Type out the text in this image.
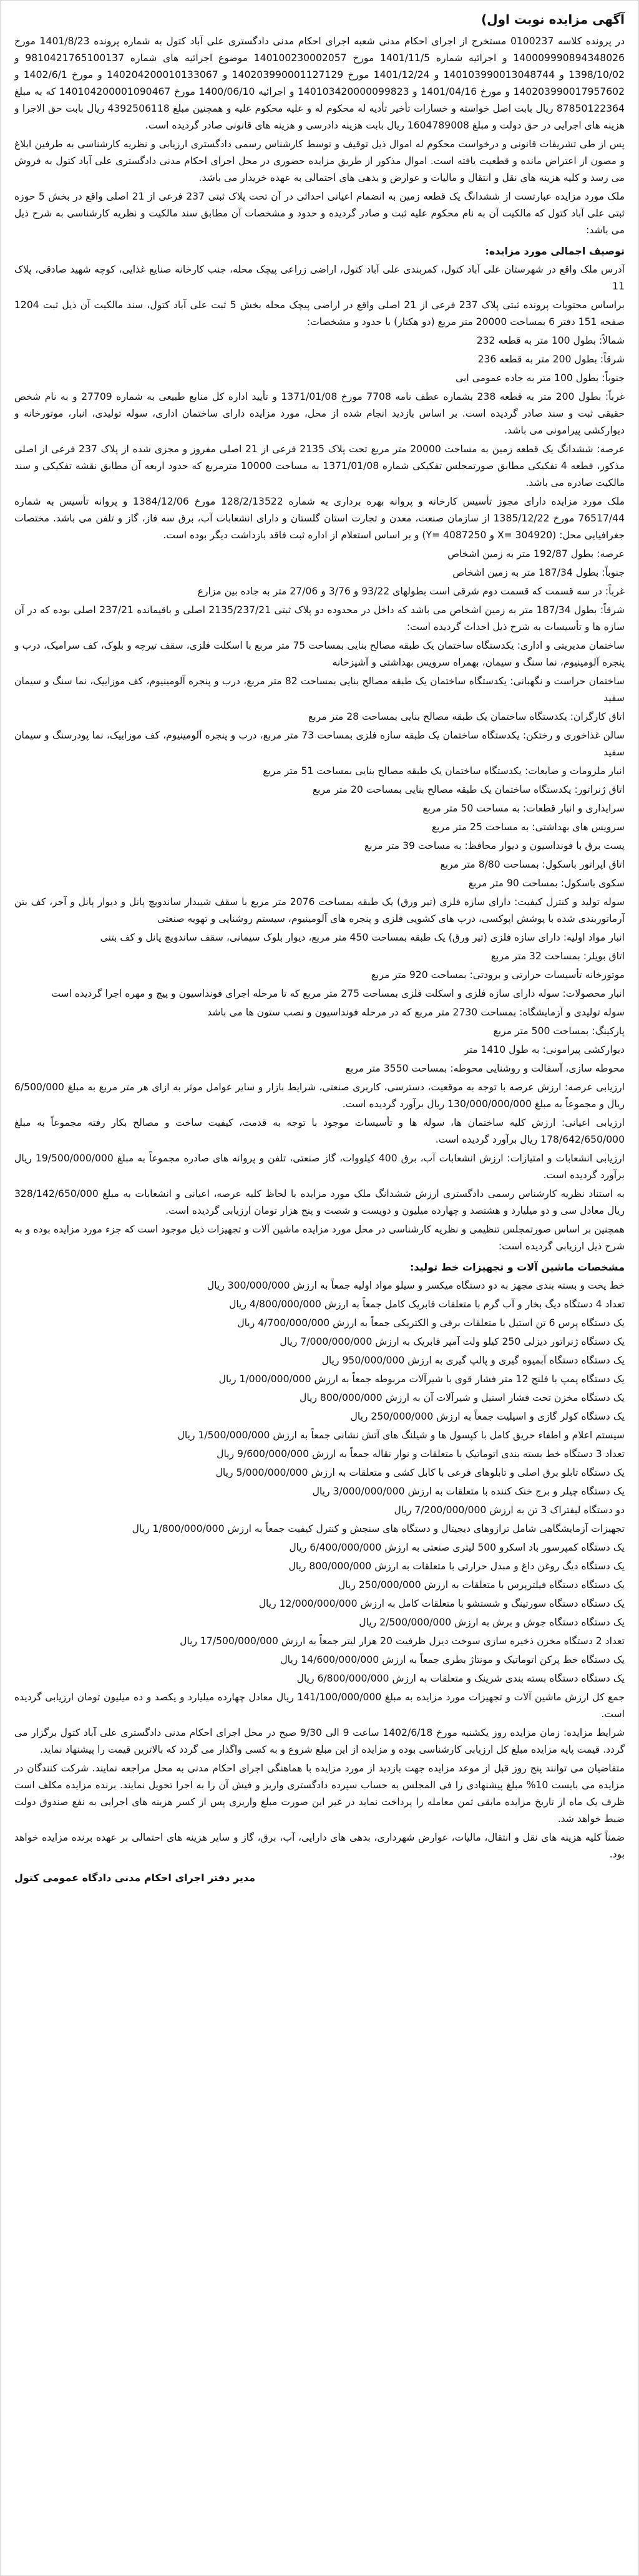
آگهی مزایده نوبت اول)
در پرونده کلاسه 0100237 مستخرج از اجرای احکام مدنی شعبه اجرای احکام مدنی دادگستری علی آباد کتول به شماره پرونده 1401/8/23 مورخ 140009990894348026 و اجرائیه شماره 1401/11/5 مورخ 140100230002057 موضوع اجرائیه های شماره 9810421765100137 و 1398/10/02 و 140103990013048744 و 1401/12/24 مورخ 140203990001127129 و 140204200010133067 و مورخ 1402/6/1 و 140203990017957602 و مورخ 1401/04/16 و 140103420000099823 و اجرائیه 1400/06/10 مورخ 140104200001090467 که به مبلغ 87850122364 ریال بابت اصل خواسته و خسارات تأخیر تأدیه له محکوم له و علیه محکوم علیه و همچنین مبلغ 4392506118 ریال بابت حق الاجرا و هزینه های اجرایی در حق دولت و مبلغ 1604789008 ریال بابت هزینه دادرسی و هزینه های قانونی صادر گردیده است.
پس از طی تشریفات قانونی و درخواست محکوم له اموال ذیل توقیف و توسط کارشناس رسمی دادگستری ارزیابی و نظریه کارشناسی به طرفین ابلاغ و مصون از اعتراض مانده و قطعیت یافته است. اموال مذکور از طریق مزایده حضوری در محل اجرای احکام مدنی دادگستری علی آباد کتول به فروش می رسد و کلیه هزینه های نقل و انتقال و مالیات و عوارض و بدهی های احتمالی به عهده خریدار می باشد.
ملک مورد مزایده عبارتست از ششدانگ یک قطعه زمین به انضمام اعیانی احداثی در آن تحت پلاک ثبتی 237 فرعی از 21 اصلی واقع در بخش 5 حوزه ثبتی علی آباد کتول که مالکیت آن به نام محکوم علیه ثبت و صادر گردیده و حدود و مشخصات آن مطابق سند مالکیت و نظریه کارشناسی به شرح ذیل می باشد:
توصیف اجمالی مورد مزایده:
آدرس ملک واقع در شهرستان علی آباد کتول، کمربندی علی آباد کتول، اراضی زراعی پیچک محله، جنب کارخانه صنایع غذایی، کوچه شهید صادقی، پلاک 11
براساس محتویات پرونده ثبتی پلاک 237 فرعی از 21 اصلی واقع در اراضی پیچک محله بخش 5 ثبت علی آباد کتول، سند مالکیت آن ذیل ثبت 1204 صفحه 151 دفتر 6 بمساحت 20000 متر مربع (دو هکتار) با حدود و مشخصات:
شمالاً: بطول 100 متر به قطعه 232
شرقاً: بطول 200 متر به قطعه 236
جنوباً: بطول 100 متر به جاده عمومی ابی
غرباً: بطول 200 متر به قطعه 238 بشماره عطف نامه 7708 مورخ 1371/01/08 و تأیید اداره کل منابع طبیعی به شماره 27709 و به نام شخص حقیقی ثبت و سند صادر گردیده است. بر اساس بازدید انجام شده از محل، مورد مزایده دارای ساختمان اداری، سوله تولیدی، انبار، موتورخانه و دیوارکشی پیرامونی می باشد.
عرصه: ششدانگ یک قطعه زمین به مساحت 20000 متر مربع تحت پلاک 2135 فرعی از 21 اصلی مفروز و مجزی شده از پلاک 237 فرعی از اصلی مذکور، قطعه 4 تفکیکی مطابق صورتمجلس تفکیکی شماره 1371/01/08 به مساحت 10000 مترمربع که حدود اربعه آن مطابق نقشه تفکیکی و سند مالکیت صادره می باشد.
ملک مورد مزایده دارای مجوز تأسیس کارخانه و پروانه بهره برداری به شماره 128/2/13522 مورخ 1384/12/06 و پروانه تأسیس به شماره 76517/44 مورخ 1385/12/22 از سازمان صنعت، معدن و تجارت استان گلستان و دارای انشعابات آب، برق سه فاز، گاز و تلفن می باشد. مختصات جغرافیایی محل: (X= 304920 و Y= 4087250) و بر اساس استعلام از اداره ثبت فاقد بازداشت دیگر بوده است.
عرصه: بطول 192/87 متر به زمین اشخاص
جنوباً: بطول 187/34 متر به زمین اشخاص
غرباً: در سه قسمت که قسمت دوم شرقی است بطولهای 93/22 و 3/76 و 27/06 متر به جاده بین مزارع
شرقاً: بطول 187/34 متر به زمین اشخاص می باشد که داخل در محدوده دو پلاک ثبتی 2135/237/21 اصلی و باقیمانده 237/21 اصلی بوده که در آن سازه ها و تأسیسات به شرح ذیل احداث گردیده است:
ساختمان مدیریتی و اداری: یکدستگاه ساختمان یک طبقه مصالح بنایی بمساحت 75 متر مربع با اسکلت فلزی، سقف تیرچه و بلوک، کف سرامیک، درب و پنجره آلومینیوم، نما سنگ و سیمان، بهمراه سرویس بهداشتی و آشپزخانه
ساختمان حراست و نگهبانی: یکدستگاه ساختمان یک طبقه مصالح بنایی بمساحت 82 متر مربع، درب و پنجره آلومینیوم، کف موزاییک، نما سنگ و سیمان سفید
اتاق کارگران: یکدستگاه ساختمان یک طبقه مصالح بنایی بمساحت 28 متر مربع
سالن غذاخوری و رختکن: یکدستگاه ساختمان یک طبقه سازه فلزی بمساحت 73 متر مربع، درب و پنجره آلومینیوم، کف موزاییک، نما پودرسنگ و سیمان سفید
انبار ملزومات و ضایعات: یکدستگاه ساختمان یک طبقه مصالح بنایی بمساحت 51 متر مربع
اتاق ژنراتور: یکدستگاه ساختمان یک طبقه مصالح بنایی بمساحت 20 متر مربع
سرایداری و انبار قطعات: به مساحت 50 متر مربع
سرویس های بهداشتی: به مساحت 25 متر مربع
پست برق با فونداسیون و دیوار محافظ: به مساحت 39 متر مربع
اتاق اپراتور باسکول: بمساحت 8/80 متر مربع
سکوی باسکول: بمساحت 90 متر مربع
سوله تولید و کنترل کیفیت: دارای سازه فلزی (تیر ورق) یک طبقه بمساحت 2076 متر مربع با سقف شیبدار ساندویچ پانل و دیوار پانل و آجر، کف بتن آرماتوربندی شده با پوشش اپوکسی، درب های کشویی فلزی و پنجره های آلومینیوم، سیستم روشنایی و تهویه صنعتی
انبار مواد اولیه: دارای سازه فلزی (تیر ورق) یک طبقه بمساحت 450 متر مربع، دیوار بلوک سیمانی، سقف ساندویچ پانل و کف بتنی
اتاق بویلر: بمساحت 32 متر مربع
موتورخانه تأسیسات حرارتی و برودتی: بمساحت 920 متر مربع
انبار محصولات: سوله دارای سازه فلزی و اسکلت فلزی بمساحت 275 متر مربع که تا مرحله اجرای فونداسیون و پیچ و مهره اجرا گردیده است
سوله تولیدی و آزمایشگاه: بمساحت 2730 متر مربع که در مرحله فونداسیون و نصب ستون ها می باشد
پارکینگ: بمساحت 500 متر مربع
دیوارکشی پیرامونی: به طول 1410 متر
محوطه سازی، آسفالت و روشنایی محوطه: بمساحت 3550 متر مربع
ارزیابی عرصه: ارزش عرصه با توجه به موقعیت، دسترسی، کاربری صنعتی، شرایط بازار و سایر عوامل موثر به ازای هر متر مربع به مبلغ 6/500/000 ریال و مجموعاً به مبلغ 130/000/000/000 ریال برآورد گردیده است.
ارزیابی اعیانی: ارزش کلیه ساختمان ها، سوله ها و تأسیسات موجود با توجه به قدمت، کیفیت ساخت و مصالح بکار رفته مجموعاً به مبلغ 178/642/650/000 ریال برآورد گردیده است.
ارزیابی انشعابات و امتیازات: ارزش انشعابات آب، برق 400 کیلووات، گاز صنعتی، تلفن و پروانه های صادره مجموعاً به مبلغ 19/500/000/000 ریال برآورد گردیده است.
به استناد نظریه کارشناس رسمی دادگستری ارزش ششدانگ ملک مورد مزایده با لحاظ کلیه عرصه، اعیانی و انشعابات به مبلغ 328/142/650/000 ریال معادل سی و دو میلیارد و هشتصد و چهارده میلیون و دویست و شصت و پنج هزار تومان ارزیابی گردیده است.
همچنین بر اساس صورتمجلس تنظیمی و نظریه کارشناسی در محل مورد مزایده ماشین آلات و تجهیزات ذیل موجود است که جزء مورد مزایده بوده و به شرح ذیل ارزیابی گردیده است:
مشخصات ماشین آلات و تجهیزات خط تولید:
خط پخت و بسته بندی مجهز به دو دستگاه میکسر و سیلو مواد اولیه جمعاً به ارزش 300/000/000 ریال
تعداد 4 دستگاه دیگ بخار و آب گرم با متعلقات فابریک کامل جمعاً به ارزش 4/800/000/000 ریال
یک دستگاه پرس 6 تن استیل با متعلقات برقی و الکتریکی جمعاً به ارزش 4/700/000/000 ریال
یک دستگاه ژنراتور دیزلی 250 کیلو ولت آمپر فابریک به ارزش 7/000/000/000 ریال
یک دستگاه دستگاه آبمیوه گیری و پالپ گیری به ارزش 950/000/000 ریال
یک دستگاه پمپ با فلنج 12 متر فشار قوی با شیرآلات مربوطه جمعاً به ارزش 1/000/000/000 ریال
یک دستگاه مخزن تحت فشار استیل و شیرآلات آن به ارزش 800/000/000 ریال
یک دستگاه کولر گازی و اسپلیت جمعاً به ارزش 250/000/000 ریال
سیستم اعلام و اطفاء حریق کامل با کپسول ها و شیلنگ های آتش نشانی جمعاً به ارزش 1/500/000/000 ریال
تعداد 3 دستگاه خط بسته بندی اتوماتیک با متعلقات و نوار نقاله جمعاً به ارزش 9/600/000/000 ریال
یک دستگاه تابلو برق اصلی و تابلوهای فرعی با کابل کشی و متعلقات به ارزش 5/000/000/000 ریال
یک دستگاه چیلر و برج خنک کننده با متعلقات به ارزش 3/000/000/000 ریال
دو دستگاه لیفتراک 3 تن به ارزش 7/200/000/000 ریال
تجهیزات آزمایشگاهی شامل ترازوهای دیجیتال و دستگاه های سنجش و کنترل کیفیت جمعاً به ارزش 1/800/000/000 ریال
یک دستگاه کمپرسور باد اسکرو 500 لیتری صنعتی به ارزش 6/400/000/000 ریال
یک دستگاه دیگ روغن داغ و مبدل حرارتی با متعلقات به ارزش 800/000/000 ریال
یک دستگاه دستگاه فیلترپرس با متعلقات به ارزش 250/000/000 ریال
یک دستگاه دستگاه سورتینگ و شستشو با متعلقات کامل به ارزش 12/000/000/000 ریال
یک دستگاه دستگاه جوش و برش به ارزش 2/500/000/000 ریال
تعداد 2 دستگاه مخزن ذخیره سازی سوخت دیزل ظرفیت 20 هزار لیتر جمعاً به ارزش 17/500/000/000 ریال
یک دستگاه خط پرکن اتوماتیک و مونتاژ بطری جمعاً به ارزش 14/600/000/000 ریال
یک دستگاه دستگاه بسته بندی شرینک و متعلقات به ارزش 6/800/000/000 ریال
جمع کل ارزش ماشین آلات و تجهیزات مورد مزایده به مبلغ 141/100/000/000 ریال معادل چهارده میلیارد و یکصد و ده میلیون تومان ارزیابی گردیده است.
شرایط مزایده: زمان مزایده روز یکشنبه مورخ 1402/6/18 ساعت 9 الی 9/30 صبح در محل اجرای احکام مدنی دادگستری علی آباد کتول برگزار می گردد. قیمت پایه مزایده مبلغ کل ارزیابی کارشناسی بوده و مزایده از این مبلغ شروع و به کسی واگذار می گردد که بالاترین قیمت را پیشنهاد نماید.
متقاضیان می توانند پنج روز قبل از موعد مزایده جهت بازدید از مورد مزایده با هماهنگی اجرای احکام مدنی به محل مراجعه نمایند. شرکت کنندگان در مزایده می بایست 10% مبلغ پیشنهادی را فی المجلس به حساب سپرده دادگستری واریز و فیش آن را به اجرا تحویل نمایند. برنده مزایده مکلف است ظرف یک ماه از تاریخ مزایده مابقی ثمن معامله را پرداخت نماید در غیر این صورت مبلغ واریزی پس از کسر هزینه های اجرایی به نفع صندوق دولت ضبط خواهد شد.
ضمناً کلیه هزینه های نقل و انتقال، مالیات، عوارض شهرداری، بدهی های دارایی، آب، برق، گاز و سایر هزینه های احتمالی بر عهده برنده مزایده خواهد بود.
مدیر دفتر اجرای احکام مدنی دادگاه عمومی کتول
